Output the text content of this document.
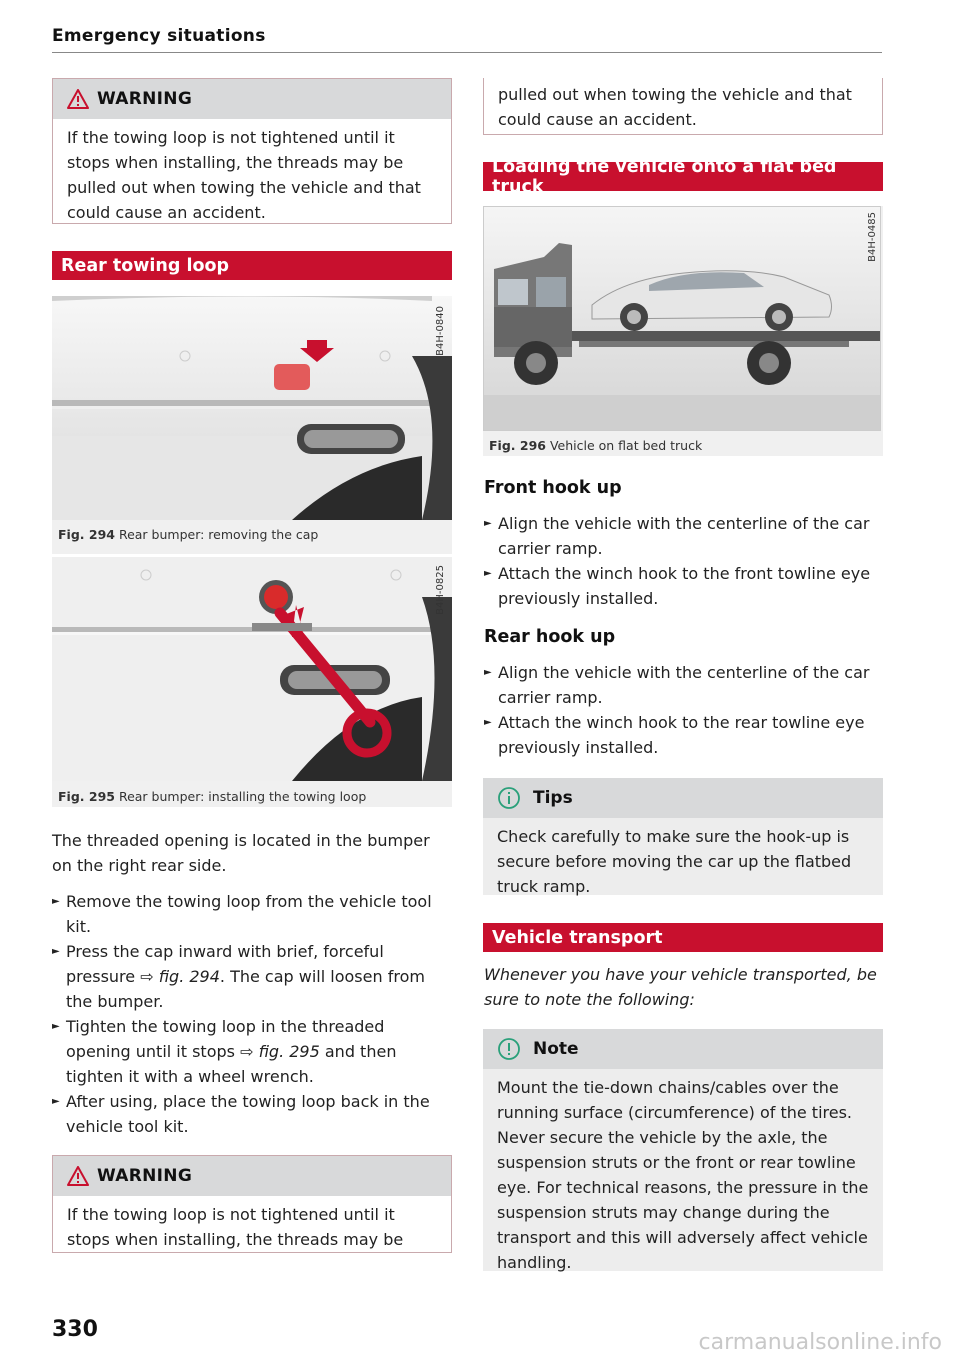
Emergency situations
WARNING
If the towing loop is not tightened until it stops when installing, the threads may be pulled out when towing the vehicle and that could cause an accident.
Rear towing loop
B4H-0840
Fig. 294 Rear bumper: removing the cap
B4H-0825
Fig. 295 Rear bumper: installing the towing loop
The threaded opening is located in the bumper on the right rear side.
► Remove the towing loop from the vehicle tool kit.
► Press the cap inward with brief, forceful pressure ⇨ fig. 294. The cap will loosen from the bumper.
► Tighten the towing loop in the threaded opening until it stops ⇨ fig. 295 and then tighten it with a wheel wrench.
► After using, place the towing loop back in the vehicle tool kit.
WARNING
If the towing loop is not tightened until it stops when installing, the threads may be
330
pulled out when towing the vehicle and that could cause an accident.
Loading the vehicle onto a flat bed truck
B4H-0485
Fig. 296 Vehicle on flat bed truck
Front hook up
► Align the vehicle with the centerline of the car carrier ramp.
► Attach the winch hook to the front towline eye previously installed.
Rear hook up
► Align the vehicle with the centerline of the car carrier ramp.
► Attach the winch hook to the rear towline eye previously installed.
Tips
Check carefully to make sure the hook-up is secure before moving the car up the flatbed truck ramp.
Vehicle transport
Whenever you have your vehicle transported, be sure to note the following:
Note
Mount the tie-down chains/cables over the running surface (circumference) of the tires. Never secure the vehicle by the axle, the suspension struts or the front or rear towline eye. For technical reasons, the pressure in the suspension struts may change during the transport and this will adversely affect vehicle handling.
carmanualsonline.info
